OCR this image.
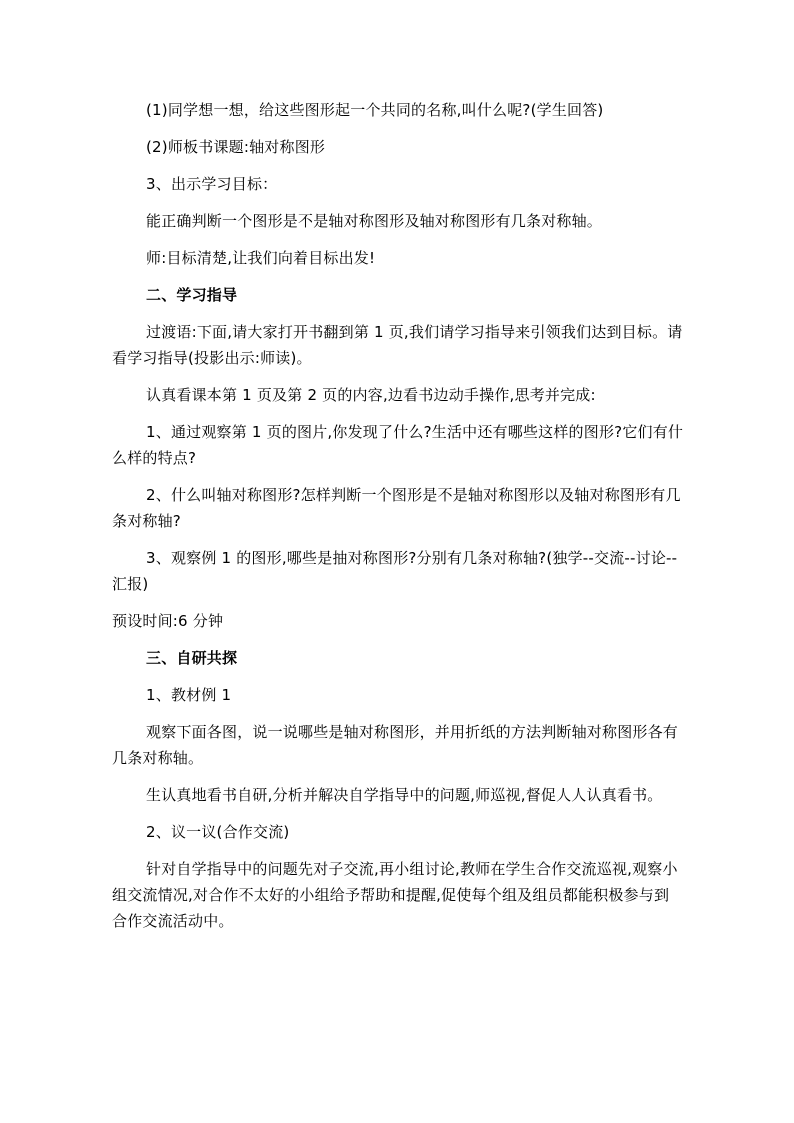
(1)同学想一想，给这些图形起一个共同的名称,叫什么呢?(学生回答)

(2)师板书课题:轴对称图形

3、出示学习目标：

能正确判断一个图形是不是轴对称图形及轴对称图形有几条对称轴。

师:目标清楚,让我们向着目标出发!

二、学习指导

过渡语:下面,请大家打开书翻到第 1 页,我们请学习指导来引领我们达到目标。请看学习指导(投影出示:师读)。

认真看课本第 1 页及第 2 页的内容,边看书边动手操作,思考并完成:

1、通过观察第 1 页的图片,你发现了什么?生活中还有哪些这样的图形?它们有什么样的特点?

2、什么叫轴对称图形?怎样判断一个图形是不是轴对称图形以及轴对称图形有几条对称轴?

3、观察例 1 的图形,哪些是抽对称图形?分别有几条对称轴?(独学--交流--讨论--汇报)

预设时间:6 分钟

三、自研共探

1、教材例 1

观察下面各图，说一说哪些是轴对称图形，并用折纸的方法判断轴对称图形各有几条对称轴。

生认真地看书自研,分析并解决自学指导中的问题,师巡视,督促人人认真看书。

2、议一议(合作交流)

针对自学指导中的问题先对子交流,再小组讨论,教师在学生合作交流巡视,观察小组交流情况,对合作不太好的小组给予帮助和提醒,促使每个组及组员都能积极参与到合作交流活动中。
